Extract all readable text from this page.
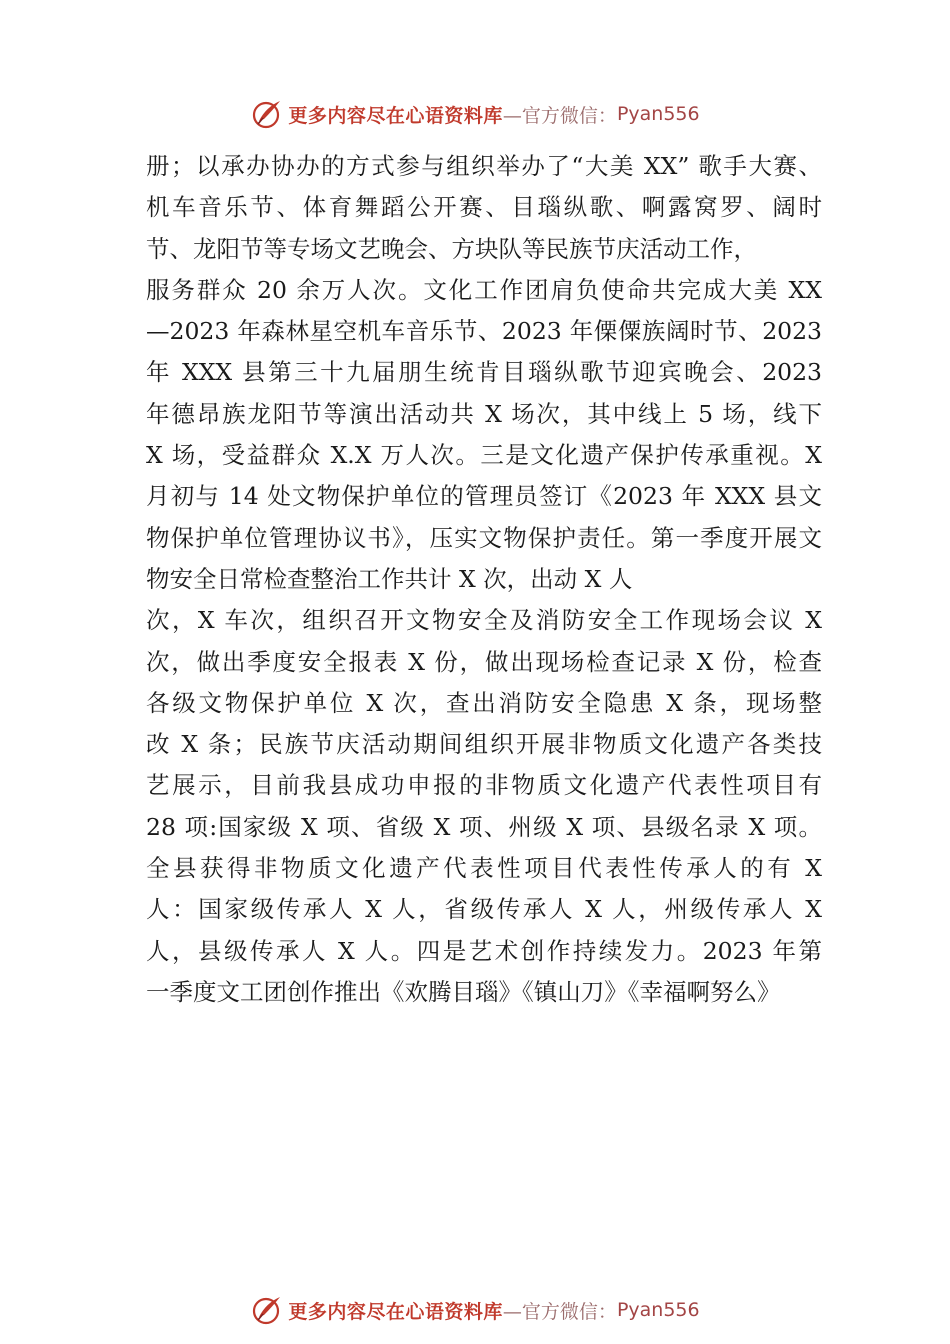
更多内容尽在心语资料库 —官方微信： Pyan556
册；以承办协办的方式参与组织举办了“大美 XX” 歌手大赛、
机车音乐节、体育舞蹈公开赛、目瑙纵歌、啊露窝罗、阔时
节、龙阳节等专场文艺晚会、方块队等民族节庆活动工作，
服务群众 20 余万人次。文化工作团肩负使命共完成大美 XX
—2023 年森林星空机车音乐节、2023 年傈僳族阔时节、2023
年 XXX 县第三十九届朋生统肯目瑙纵歌节迎宾晚会、2023
年德昂族龙阳节等演出活动共 X 场次，其中线上 5 场，线下
X 场，受益群众 X.X 万人次。三是文化遗产保护传承重视。X
月初与 14 处文物保护单位的管理员签订《2023 年 XXX 县文
物保护单位管理协议书》，压实文物保护责任。第一季度开展文
物安全日常检查整治工作共计 X 次，出动 X 人
次，X 车次，组织召开文物安全及消防安全工作现场会议 X
次，做出季度安全报表 X 份，做出现场检查记录 X 份，检查
各级文物保护单位 X 次，查出消防安全隐患 X 条，现场整
改 X 条；民族节庆活动期间组织开展非物质文化遗产各类技
艺展示，目前我县成功申报的非物质文化遗产代表性项目有
28 项:国家级 X 项、省级 X 项、州级 X 项、县级名录 X 项。
全县获得非物质文化遗产代表性项目代表性传承人的有 X
人：国家级传承人 X 人，省级传承人 X 人，州级传承人 X
人，县级传承人 X 人。四是艺术创作持续发力。2023 年第
一季度文工团创作推出《欢腾目瑙》《镇山刀》《幸福啊努么》
更多内容尽在心语资料库 —官方微信： Pyan556
